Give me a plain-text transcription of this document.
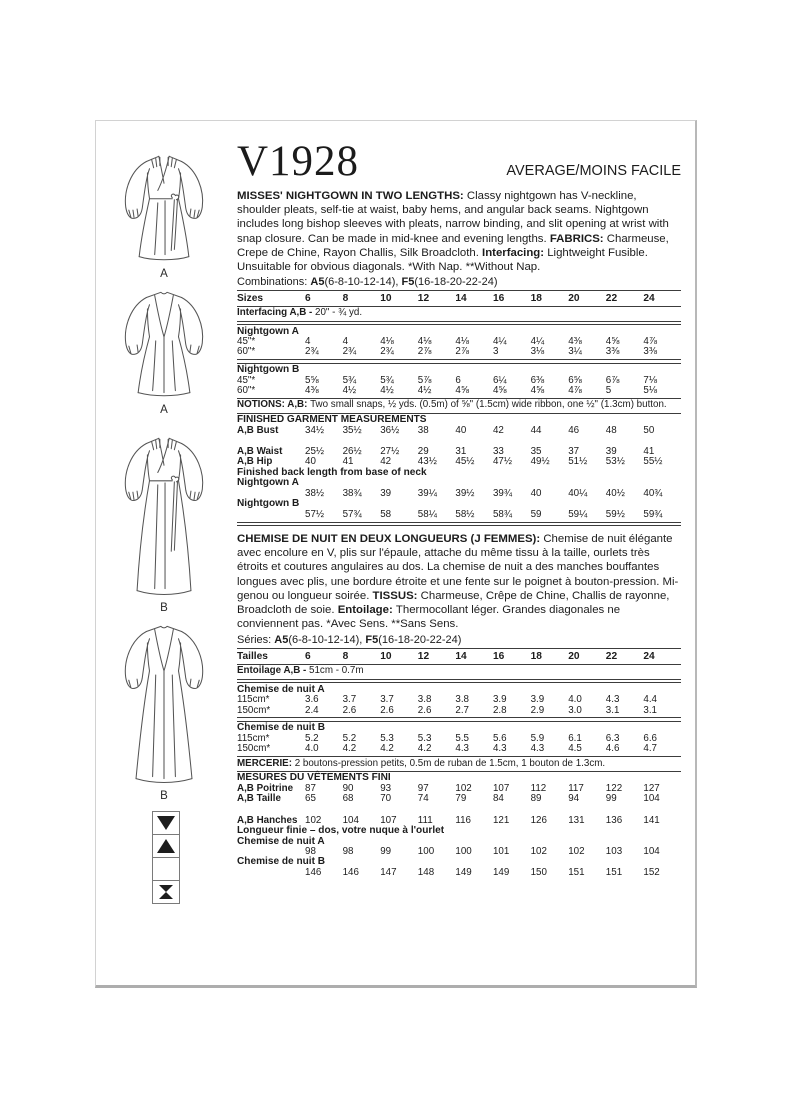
A
A
B
B
V1928	AVERAGE/MOINS FACILE
MISSES' NIGHTGOWN IN TWO LENGTHS: Classy nightgown has V-neckline, shoulder pleats, self-tie at waist, baby hems, and angular back seams. Nightgown includes long bishop sleeves with pleats, narrow binding, and slit opening at wrist with snap closure. Can be made in mid-knee and evening lengths. FABRICS: Charmeuse, Crepe de Chine, Rayon Challis, Silk Broadcloth. Interfacing: Lightweight Fusible. Unsuitable for obvious diagonals. *With Nap. **Without Nap.
Combinations: A5(6-8-10-12-14), F5(16-18-20-22-24)
Sizes	6	8	10	12	14	16	18	20	22	24
Interfacing A,B - 20" - ¾ yd.
Nightgown A
45"*	4	4	4⅛	4⅛	4⅛	4¼	4¼	4⅜	4⅝	4⅞
60"*	2¾	2¾	2¾	2⅞	2⅞	3	3⅛	3¼	3⅜	3⅜
Nightgown B
45"*	5⅝	5¾	5¾	5⅞	6	6¼	6⅜	6⅝	6⅞	7⅛
60"*	4⅜	4½	4½	4½	4⅝	4⅝	4⅝	4⅞	5	5⅛
NOTIONS: A,B: Two small snaps, ½ yds. (0.5m) of ⅝" (1.5cm) wide ribbon, one ½" (1.3cm) button.
FINISHED GARMENT MEASUREMENTS
A,B Bust	34½	35½	36½	38	40	42	44	46	48	50
A,B Waist	25½	26½	27½	29	31	33	35	37	39	41
A,B Hip	40	41	42	43½	45½	47½	49½	51½	53½	55½
Finished back length from base of neck
Nightgown A
38½	38¾	39	39¼	39½	39¾	40	40¼	40½	40¾
Nightgown B
57½	57¾	58	58¼	58½	58¾	59	59¼	59½	59¾
CHEMISE DE NUIT EN DEUX LONGUEURS (J FEMMES): Chemise de nuit élégante avec encolure en V, plis sur l'épaule, attache du même tissu à la taille, ourlets très étroits et coutures angulaires au dos. La chemise de nuit a des manches bouffantes longues avec plis, une bordure étroite et une fente sur le poignet à bouton-pression. Mi-genou ou longueur soirée. TISSUS: Charmeuse, Crêpe de Chine, Challis de rayonne, Broadcloth de soie. Entoilage: Thermocollant léger. Grandes diagonales ne conviennent pas. *Avec Sens. **Sans Sens.
Séries: A5(6-8-10-12-14), F5(16-18-20-22-24)
Tailles	6	8	10	12	14	16	18	20	22	24
Entoilage A,B - 51cm - 0.7m
Chemise de nuit A
115cm*	3.6	3.7	3.7	3.8	3.8	3.9	3.9	4.0	4.3	4.4
150cm*	2.4	2.6	2.6	2.6	2.7	2.8	2.9	3.0	3.1	3.1
Chemise de nuit B
115cm*	5.2	5.2	5.3	5.3	5.5	5.6	5.9	6.1	6.3	6.6
150cm*	4.0	4.2	4.2	4.2	4.3	4.3	4.3	4.5	4.6	4.7
MERCERIE: 2 boutons-pression petits, 0.5m de ruban de 1.5cm, 1 bouton de 1.3cm.
MESURES DU VÊTEMENTS FINI
A,B Poitrine	87	90	93	97	102	107	112	117	122	127
A,B Taille	65	68	70	74	79	84	89	94	99	104
A,B Hanches 102	104	107	111	116	121	126	131	136	141
Longueur finie – dos, votre nuque à l'ourlet
Chemise de nuit A
98	98	99	100	100	101	102	102	103	104
Chemise de nuit B
146	146	147	148	149	149	150	151	151	152
